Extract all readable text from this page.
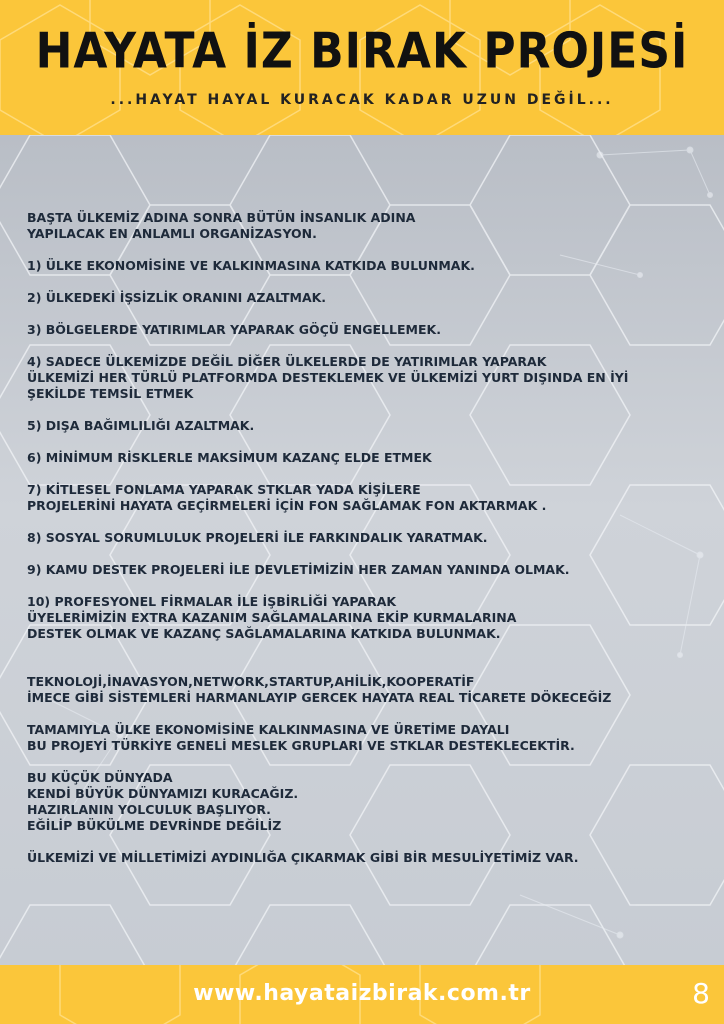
HAYATA İZ BIRAK PROJESİ
...HAYAT HAYAL KURACAK KADAR UZUN DEĞİL...
BAŞTA ÜLKEMİZ ADINA SONRA BÜTÜN İNSANLIK ADINA
YAPILACAK EN ANLAMLI ORGANİZASYON.
1) ÜLKE EKONOMİSİNE VE KALKINMASINA KATKIDA BULUNMAK.
2) ÜLKEDEKİ İŞSİZLİK ORANINI AZALTMAK.
3) BÖLGELERDE YATIRIMLAR YAPARAK GÖÇÜ ENGELLEMEK.
4) SADECE ÜLKEMİZDE DEĞİL DİĞER ÜLKELERDE DE YATIRIMLAR YAPARAK
ÜLKEMİZİ HER TÜRLÜ PLATFORMDA DESTEKLEMEK VE ÜLKEMİZİ YURT DIŞINDA EN İYİ
ŞEKİLDE TEMSİL ETMEK
5) DIŞA BAĞIMLILIĞI AZALTMAK.
6) MİNİMUM RİSKLERLE MAKSİMUM KAZANÇ ELDE ETMEK
7) KİTLESEL FONLAMA YAPARAK STKLAR YADA KİŞİLERE
PROJELERİNİ HAYATA GEÇİRMELERİ İÇİN FON SAĞLAMAK FON AKTARMAK .
8) SOSYAL SORUMLULUK PROJELERİ İLE FARKINDALIK YARATMAK.
9) KAMU DESTEK PROJELERİ İLE DEVLETİMİZİN HER ZAMAN YANINDA OLMAK.
10) PROFESYONEL FİRMALAR İLE İŞBİRLİĞİ YAPARAK
ÜYELERİMİZİN EXTRA KAZANIM SAĞLAMALARINA EKİP KURMALARINA
DESTEK OLMAK VE KAZANÇ SAĞLAMALARINA KATKIDA BULUNMAK.
TEKNOLOJİ,İNAVASYON,NETWORK,STARTUP,AHİLİK,KOOPERATİF
İMECE GİBİ SİSTEMLERİ HARMANLAYIP GERCEK HAYATA REAL TİCARETE DÖKECEĞİZ
TAMAMIYLA ÜLKE EKONOMİSİNE KALKINMASINA VE ÜRETİME DAYALI
BU PROJEYİ TÜRKİYE GENELİ MESLEK GRUPLARI VE STKLAR DESTEKLECEKTİR.
BU KÜÇÜK DÜNYADA
KENDİ BÜYÜK DÜNYAMIZI KURACAĞIZ.
HAZIRLANIN YOLCULUK BAŞLIYOR.
EĞİLİP BÜKÜLME DEVRİNDE DEĞİLİZ
ÜLKEMİZİ VE MİLLETİMİZİ AYDINLIĞA ÇIKARMAK GİBİ BİR MESULİYETİMİZ VAR.
www.hayataizbirak.com.tr	8
